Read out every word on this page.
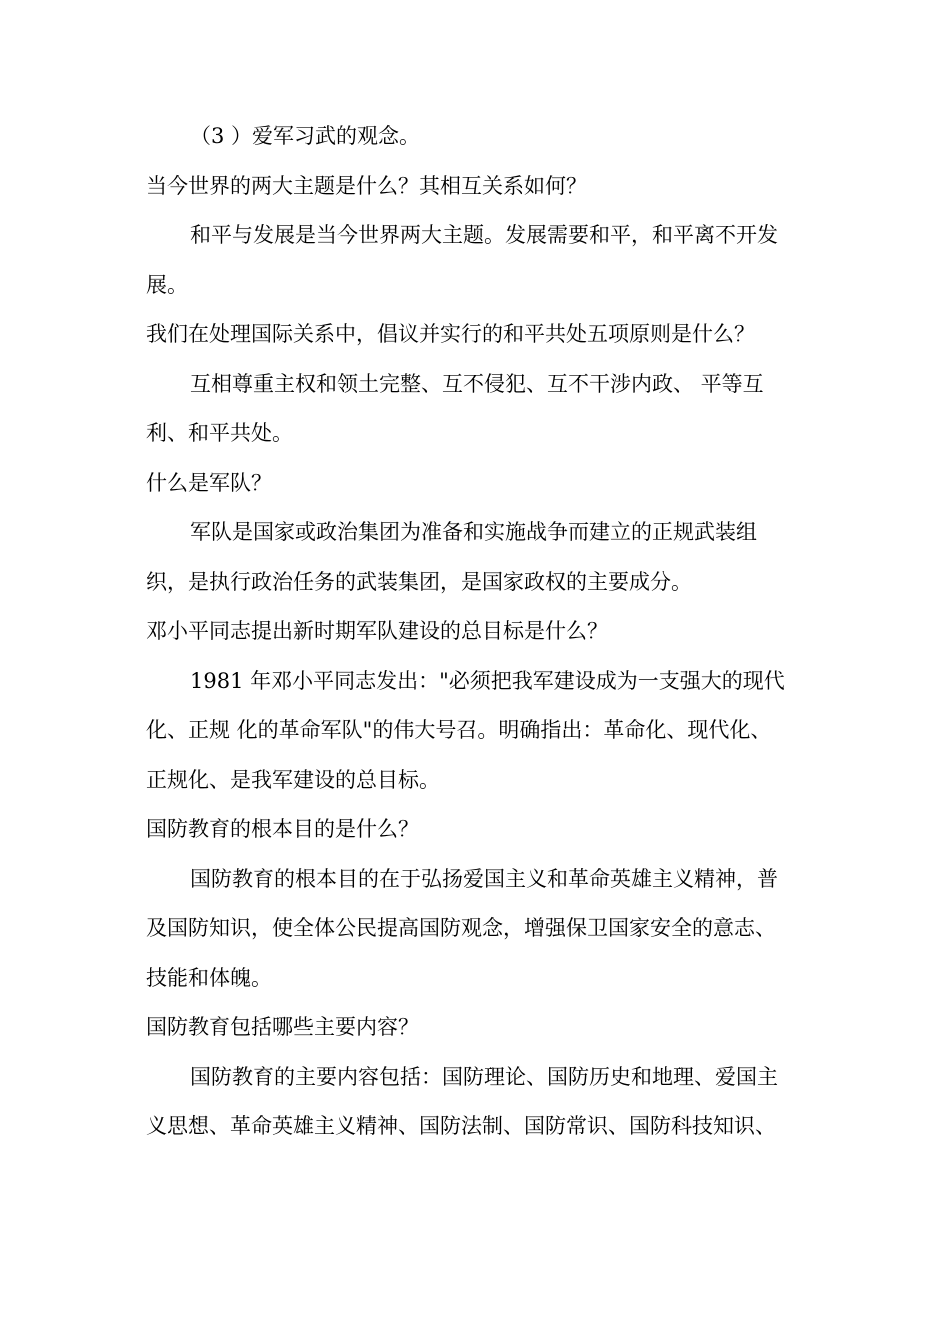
（3 ）爱军习武的观念。

当今世界的两大主题是什么？其相互关系如何？

和平与发展是当今世界两大主题。发展需要和平，和平离不开发

展。

我们在处理国际关系中，倡议并实行的和平共处五项原则是什么？

互相尊重主权和领土完整、互不侵犯、互不干涉内政、 平等互

利、和平共处。

什么是军队？

军队是国家或政治集团为准备和实施战争而建立的正规武装组

织，是执行政治任务的武装集团，是国家政权的主要成分。

邓小平同志提出新时期军队建设的总目标是什么？

1981 年邓小平同志发出："必须把我军建设成为一支强大的现代

化、正规 化的革命军队"的伟大号召。明确指出：革命化、现代化、

正规化、是我军建设的总目标。

国防教育的根本目的是什么？

国防教育的根本目的在于弘扬爱国主义和革命英雄主义精神，普

及国防知识，使全体公民提高国防观念，增强保卫国家安全的意志、

技能和体魄。

国防教育包括哪些主要内容？

国防教育的主要内容包括：国防理论、国防历史和地理、爱国主

义思想、革命英雄主义精神、国防法制、国防常识、国防科技知识、
